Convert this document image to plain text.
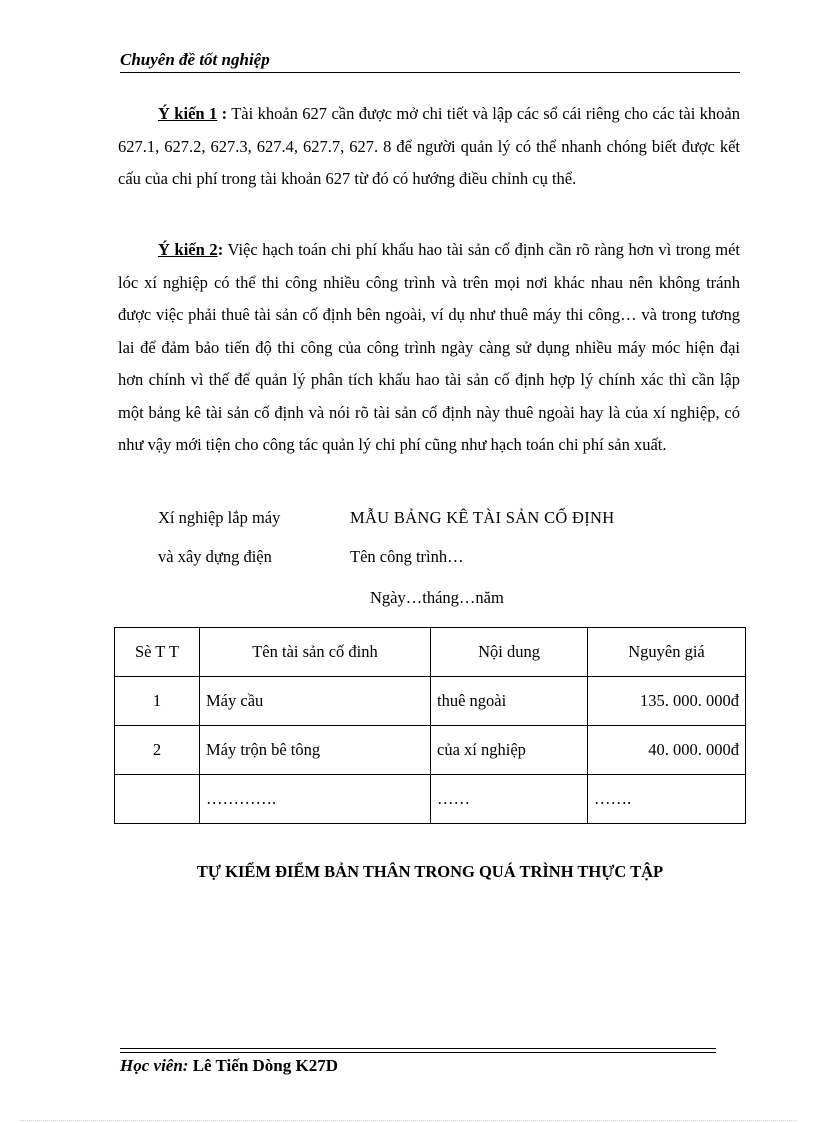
Chuyên đề tốt nghiệp
Ý kiến 1 : Tài khoản 627 cần được mở chi tiết và lập các sổ cái riêng cho các tài khoản 627.1, 627.2, 627.3, 627.4, 627.7, 627. 8 để người quản lý có thể nhanh chóng biết được kết cấu của chi phí trong tài khoản 627 từ đó có hướng điều chỉnh cụ thể.
Ý kiến 2: Việc hạch toán chi phí khấu hao tài sản cố định cần rõ ràng hơn vì trong mét lóc xí nghiệp có thể thi công nhiều công trình và trên mọi nơi khác nhau nên không tránh được việc phải thuê tài sản cố định bên ngoài, ví dụ như thuê máy thi công… và trong tương lai để đảm bảo tiến độ thi công của công trình ngày càng sử dụng nhiều máy móc hiện đại hơn chính vì thế để quản lý phân tích khấu hao tài sản cố định hợp lý chính xác thì cần lập một bảng kê tài sản cố định và nói rõ tài sản cố định này thuê ngoài hay là của xí nghiệp, có như vậy mới tiện cho công tác quản lý chi phí cũng như hạch toán chi phí sản xuất.
Xí nghiệp lắp máy	MẪU BẢNG KÊ TÀI SẢN CỐ ĐỊNH
và xây dựng điện	Tên công trình…
Ngày…tháng…năm
Sè T T	Tên tài sản cố đinh	Nội dung	Nguyên giá
1	Máy cầu	thuê ngoài	135. 000. 000đ
2	Máy trộn bê tông	của xí nghiệp	40. 000. 000đ
	………….	……	…….
TỰ KIỂM ĐIỂM BẢN THÂN TRONG QUÁ TRÌNH THỰC TẬP
Học viên: Lê Tiến Dòng K27D
